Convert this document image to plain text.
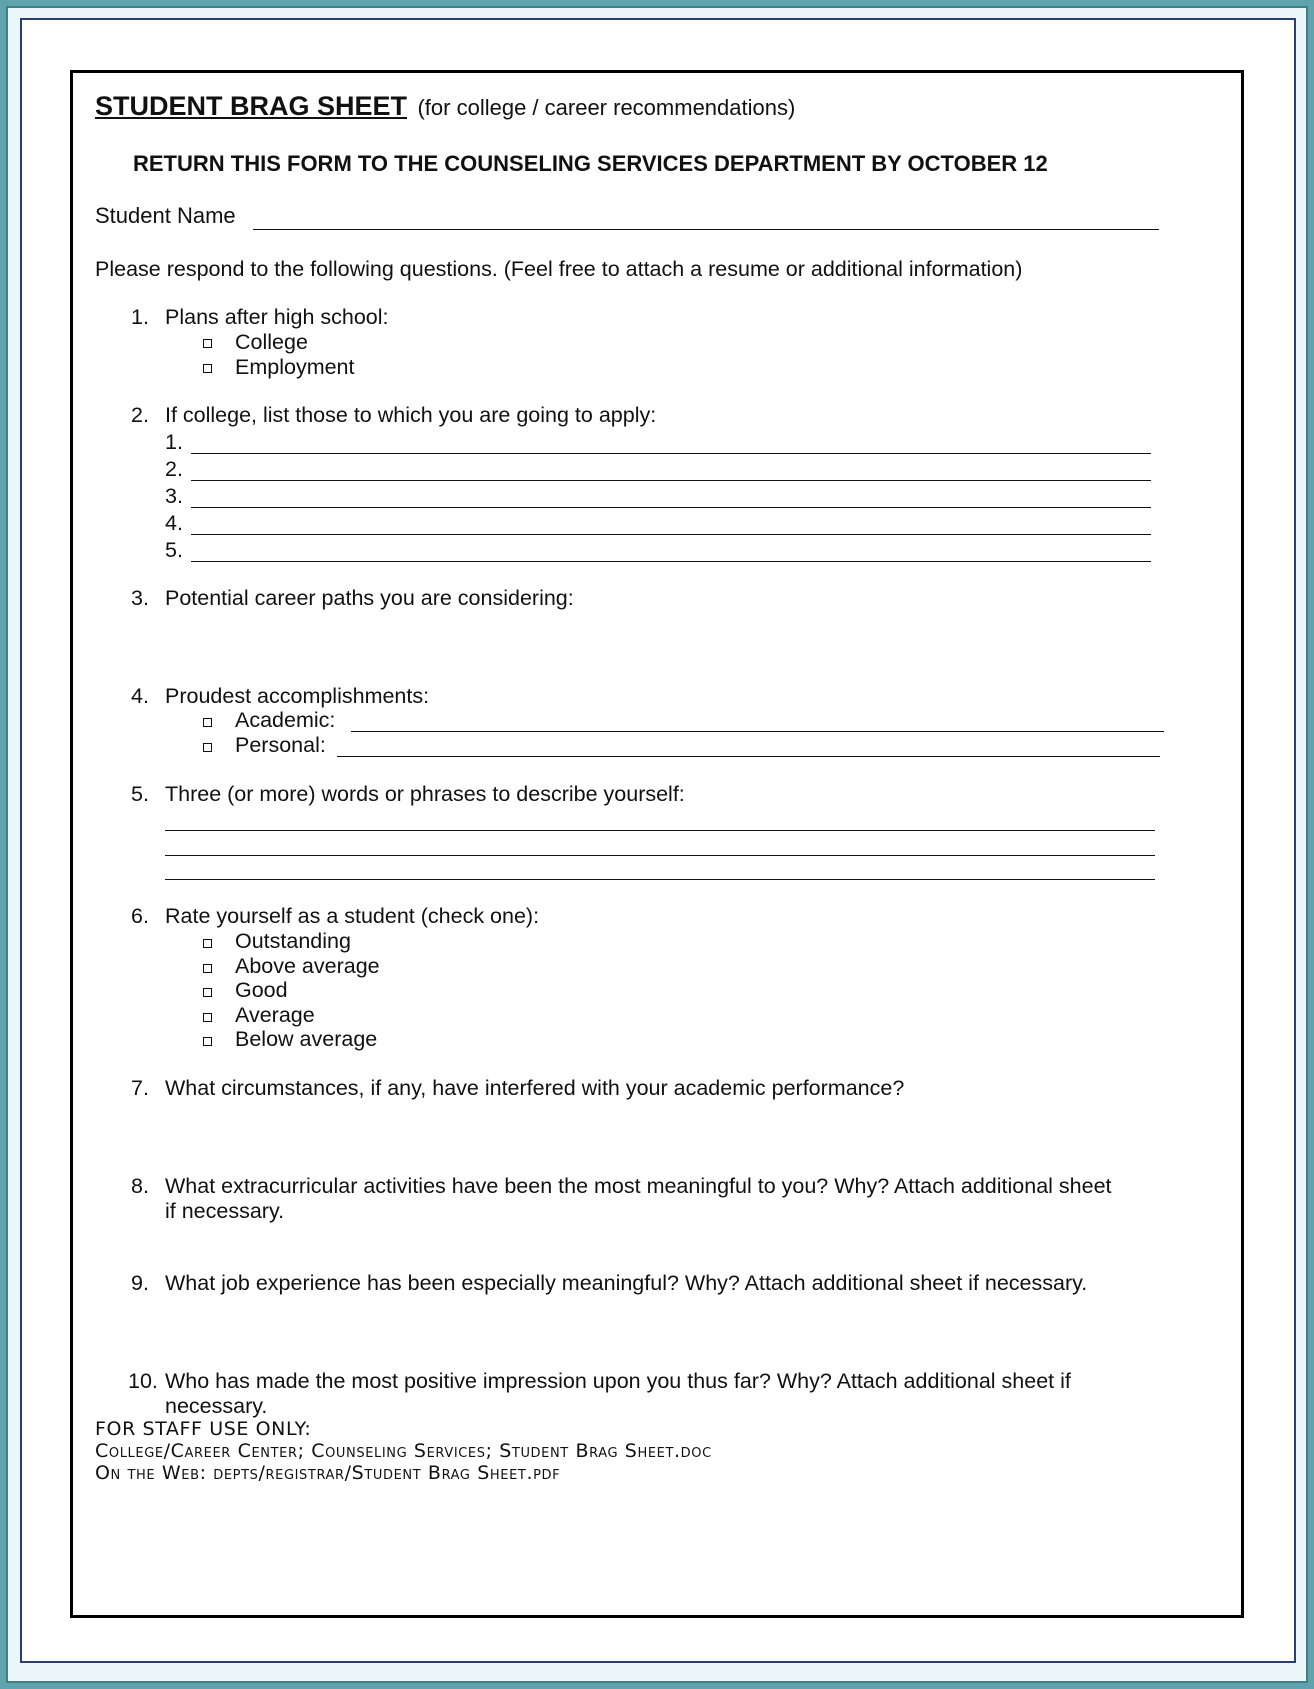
STUDENT BRAG SHEET (for college / career recommendations)
RETURN THIS FORM TO THE COUNSELING SERVICES DEPARTMENT BY OCTOBER 12
Student Name
Please respond to the following questions. (Feel free to attach a resume or additional information)
1. Plans after high school:
College
Employment
2. If college, list those to which you are going to apply:
1.
2.
3.
4.
5.
3. Potential career paths you are considering:
4. Proudest accomplishments:
Academic:
Personal:
5. Three (or more) words or phrases to describe yourself:
6. Rate yourself as a student (check one):
Outstanding
Above average
Good
Average
Below average
7. What circumstances, if any, have interfered with your academic performance?
8. What extracurricular activities have been the most meaningful to you? Why? Attach additional sheet
if necessary.
9. What job experience has been especially meaningful? Why? Attach additional sheet if necessary.
10. Who has made the most positive impression upon you thus far? Why? Attach additional sheet if
necessary.
FOR STAFF USE ONLY:
College/Career Center; Counseling Services; Student Brag Sheet.doc
On the Web: depts/registrar/Student Brag Sheet.pdf
